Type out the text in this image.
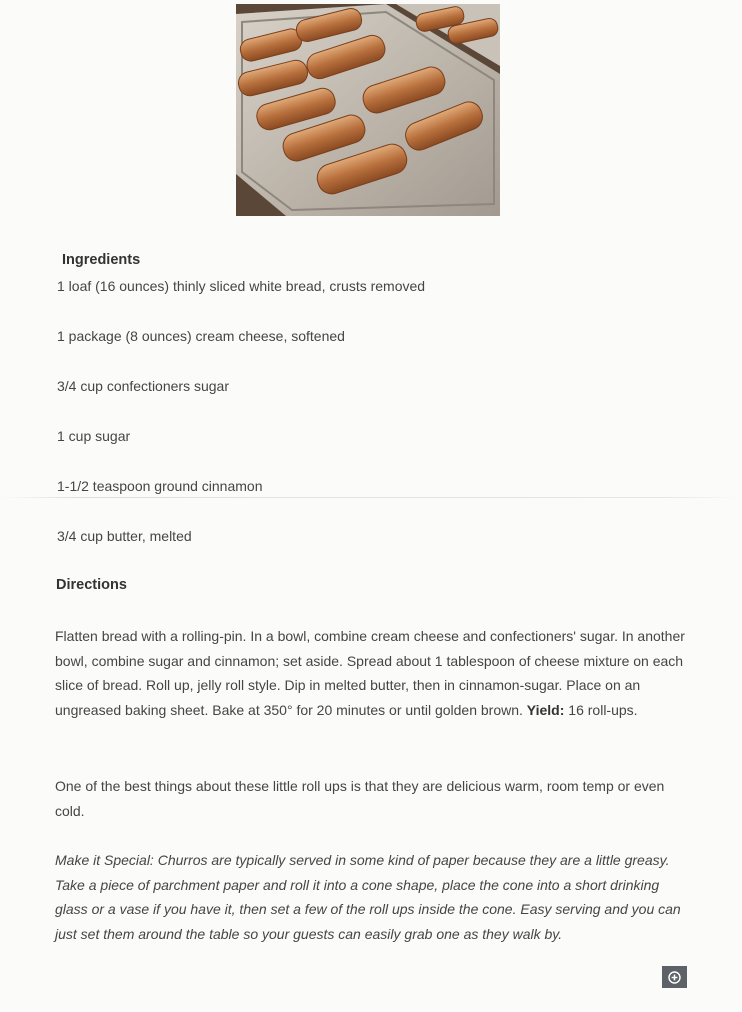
Ingredients

1 loaf (16 ounces) thinly sliced white bread, crusts removed

1 package (8 ounces) cream cheese, softened

3/4 cup confectioners sugar

1 cup sugar

1-1/2 teaspoon ground cinnamon

3/4 cup butter, melted

Directions

Flatten bread with a rolling-pin. In a bowl, combine cream cheese and confectioners' sugar. In another bowl, combine sugar and cinnamon; set aside. Spread about 1 tablespoon of cheese mixture on each slice of bread. Roll up, jelly roll style. Dip in melted butter, then in cinnamon-sugar. Place on an ungreased baking sheet. Bake at 350° for 20 minutes or until golden brown. Yield: 16 roll-ups.

One of the best things about these little roll ups is that they are delicious warm, room temp or even cold.

Make it Special: Churros are typically served in some kind of paper because they are a little greasy. Take a piece of parchment paper and roll it into a cone shape, place the cone into a short drinking glass or a vase if you have it, then set a few of the roll ups inside the cone. Easy serving and you can just set them around the table so your guests can easily grab one as they walk by.
